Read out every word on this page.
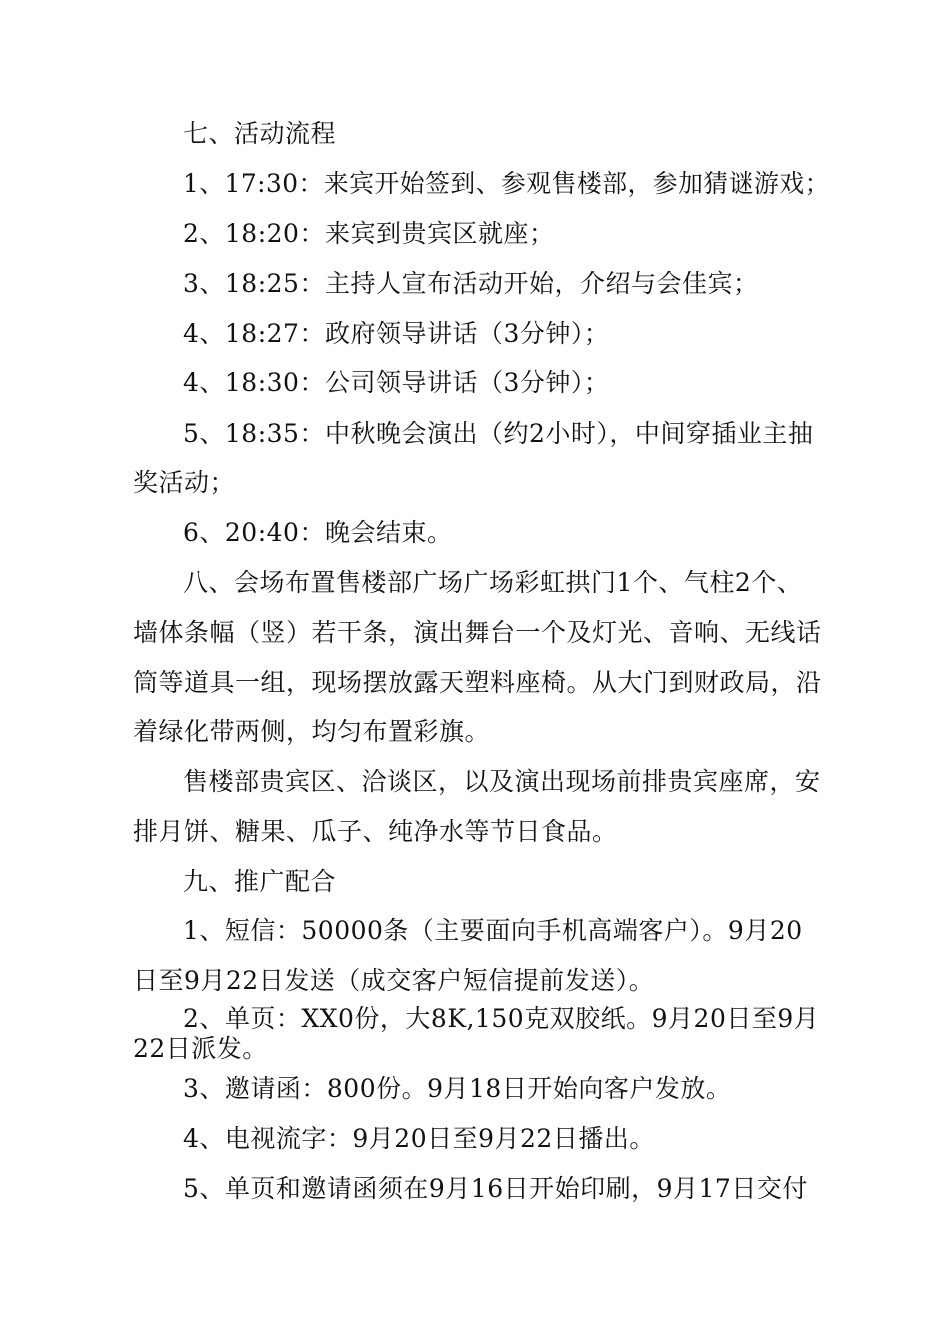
七、活动流程
1、17:30：来宾开始签到、参观售楼部，参加猜谜游戏；
2、18:20：来宾到贵宾区就座；
3、18:25：主持人宣布活动开始，介绍与会佳宾；
4、18:27：政府领导讲话（3分钟）；
4、18:30：公司领导讲话（3分钟）；
5、18:35：中秋晚会演出（约2小时），中间穿插业主抽
奖活动；
6、20:40：晚会结束。
八、会场布置售楼部广场广场彩虹拱门1个、气柱2个、
墙体条幅（竖）若干条，演出舞台一个及灯光、音响、无线话
筒等道具一组，现场摆放露天塑料座椅。从大门到财政局，沿
着绿化带两侧，均匀布置彩旗。
售楼部贵宾区、洽谈区，以及演出现场前排贵宾座席，安
排月饼、糖果、瓜子、纯净水等节日食品。
九、推广配合
1、短信：50000条（主要面向手机高端客户）。9月20
日至9月22日发送（成交客户短信提前发送）。
2、单页：XX0份，大8K,150克双胶纸。9月20日至9月
22日派发。
3、邀请函：800份。9月18日开始向客户发放。
4、电视流字：9月20日至9月22日播出。
5、单页和邀请函须在9月16日开始印刷，9月17日交付
